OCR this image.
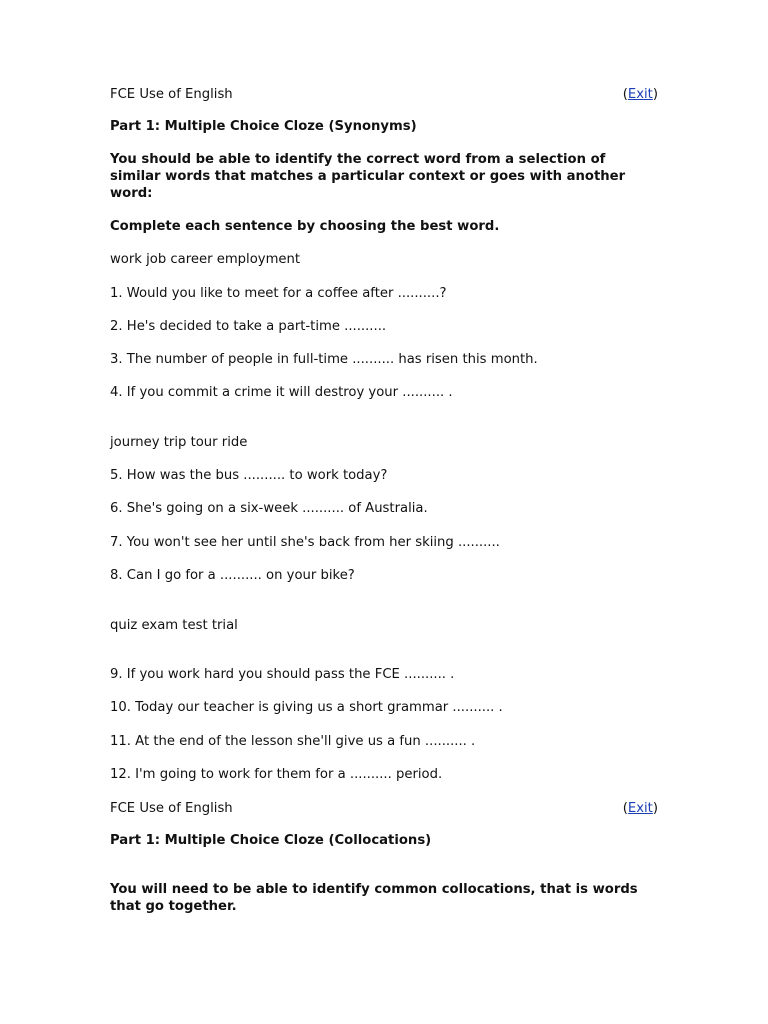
FCE Use of English	(Exit)
Part 1: Multiple Choice Cloze (Synonyms)
You should be able to identify the correct word from a selection of similar words that matches a particular context or goes with another word:
Complete each sentence by choosing the best word.
work job career employment
1. Would you like to meet for a coffee after ..........?
2. He's decided to take a part-time ..........
3. The number of people in full-time .......... has risen this month.
4. If you commit a crime it will destroy your .......... .
journey trip tour ride
5. How was the bus .......... to work today?
6. She's going on a six-week .......... of Australia.
7. You won't see her until she's back from her skiing ..........
8. Can I go for a .......... on your bike?
quiz exam test trial
9. If you work hard you should pass the FCE .......... .
10. Today our teacher is giving us a short grammar .......... .
11. At the end of the lesson she'll give us a fun .......... .
12. I'm going to work for them for a .......... period.
FCE Use of English	(Exit)
Part 1: Multiple Choice Cloze (Collocations)
You will need to be able to identify common collocations, that is words that go together.
